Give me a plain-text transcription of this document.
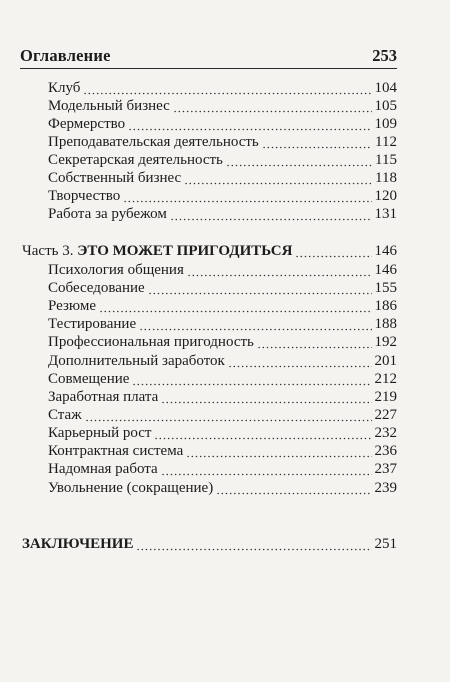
Оглавление	253
Клуб	104
Модельный бизнес	105
Фермерство	109
Преподавательская деятельность	112
Секретарская деятельность	115
Собственный бизнес	118
Творчество	120
Работа за рубежом	131
Часть 3. ЭТО МОЖЕТ ПРИГОДИТЬСЯ	146
Психология общения	146
Собеседование	155
Резюме	186
Тестирование	188
Профессиональная пригодность	192
Дополнительный заработок	201
Совмещение	212
Заработная плата	219
Стаж	227
Карьерный рост	232
Контрактная система	236
Надомная работа	237
Увольнение (сокращение)	239
ЗАКЛЮЧЕНИЕ	251
